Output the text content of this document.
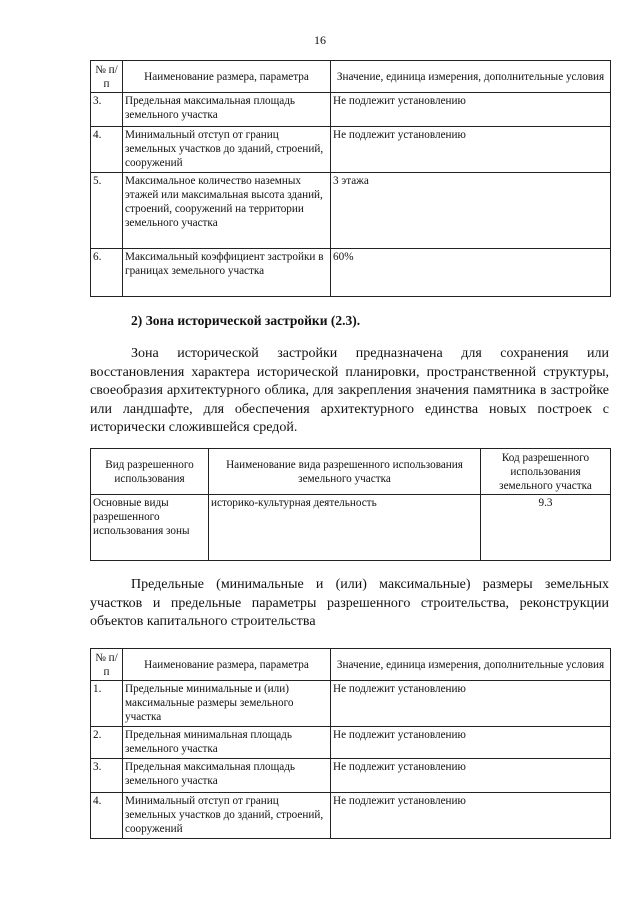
16
№ п/п	Наименование размера, параметра	Значение, единица измерения, дополнительные условия
3.	Предельная максимальная площадь земельного участка	Не подлежит установлению
4.	Минимальный отступ от границ земельных участков до зданий, строений, сооружений	Не подлежит установлению
5.	Максимальное количество наземных этажей или максимальная высота зданий, строений, сооружений на территории земельного участка	3 этажа
6.	Максимальный коэффициент застройки в границах земельного участка	60%
2) Зона исторической застройки (2.3).

Зона исторической застройки предназначена для сохранения или восстановления характера исторической планировки, пространственной структуры, своеобразия архитектурного облика, для закрепления значения памятника в застройке или ландшафте, для обеспечения архитектурного единства новых построек с исторически сложившейся средой.

Вид разрешенного использования	Наименование вида разрешенного использования земельного участка	Код разрешенного использования земельного участка
Основные виды разрешенного использования зоны	историко-культурная деятельность	9.3

Предельные (минимальные и (или) максимальные) размеры земельных участков и предельные параметры разрешенного строительства, реконструкции объектов капитального строительства

№ п/п	Наименование размера, параметра	Значение, единица измерения, дополнительные условия
1.	Предельные минимальные и (или) максимальные размеры земельного участка	Не подлежит установлению
2.	Предельная минимальная площадь земельного участка	Не подлежит установлению
3.	Предельная максимальная площадь земельного участка	Не подлежит установлению
4.	Минимальный отступ от границ земельных участков до зданий, строений, сооружений	Не подлежит установлению
